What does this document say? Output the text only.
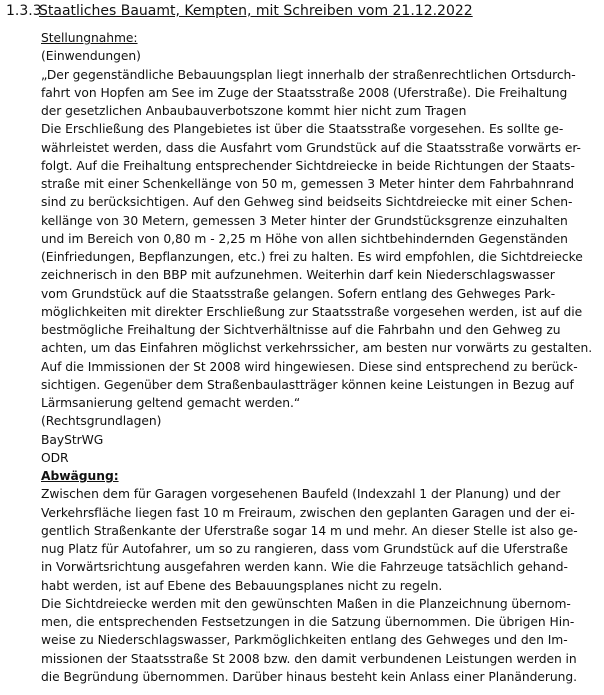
1.3.3Staatliches Bauamt, Kempten, mit Schreiben vom 21.12.2022
Stellungnahme:
(Einwendungen)
„Der gegenständliche Bebauungsplan liegt innerhalb der straßenrechtlichen Ortsdurch-
fahrt von Hopfen am See im Zuge der Staatsstraße 2008 (Uferstraße). Die Freihaltung
der gesetzlichen Anbaubauverbotszone kommt hier nicht zum Tragen
Die Erschließung des Plangebietes ist über die Staatsstraße vorgesehen. Es sollte ge-
währleistet werden, dass die Ausfahrt vom Grundstück auf die Staatsstraße vorwärts er-
folgt. Auf die Freihaltung entsprechender Sichtdreiecke in beide Richtungen der Staats-
straße mit einer Schenkellänge von 50 m, gemessen 3 Meter hinter dem Fahrbahnrand
sind zu berücksichtigen. Auf den Gehweg sind beidseits Sichtdreiecke mit einer Schen-
kellänge von 30 Metern, gemessen 3 Meter hinter der Grundstücksgrenze einzuhalten
und im Bereich von 0,80 m - 2,25 m Höhe von allen sichtbehindernden Gegenständen
(Einfriedungen, Bepflanzungen, etc.) frei zu halten. Es wird empfohlen, die Sichtdreiecke
zeichnerisch in den BBP mit aufzunehmen. Weiterhin darf kein Niederschlagswasser
vom Grundstück auf die Staatsstraße gelangen. Sofern entlang des Gehweges Park-
möglichkeiten mit direkter Erschließung zur Staatsstraße vorgesehen werden, ist auf die
bestmögliche Freihaltung der Sichtverhältnisse auf die Fahrbahn und den Gehweg zu
achten, um das Einfahren möglichst verkehrssicher, am besten nur vorwärts zu gestalten.
Auf die Immissionen der St 2008 wird hingewiesen. Diese sind entsprechend zu berück-
sichtigen. Gegenüber dem Straßenbaulastträger können keine Leistungen in Bezug auf
Lärmsanierung geltend gemacht werden.“
(Rechtsgrundlagen)
BayStrWG
ODR
Abwägung:
Zwischen dem für Garagen vorgesehenen Baufeld (Indexzahl 1 der Planung) und der
Verkehrsfläche liegen fast 10 m Freiraum, zwischen den geplanten Garagen und der ei-
gentlich Straßenkante der Uferstraße sogar 14 m und mehr. An dieser Stelle ist also ge-
nug Platz für Autofahrer, um so zu rangieren, dass vom Grundstück auf die Uferstraße
in Vorwärtsrichtung ausgefahren werden kann. Wie die Fahrzeuge tatsächlich gehand-
habt werden, ist auf Ebene des Bebauungsplanes nicht zu regeln.
Die Sichtdreiecke werden mit den gewünschten Maßen in die Planzeichnung übernom-
men, die entsprechenden Festsetzungen in die Satzung übernommen. Die übrigen Hin-
weise zu Niederschlagswasser, Parkmöglichkeiten entlang des Gehweges und den Im-
missionen der Staatsstraße St 2008 bzw. den damit verbundenen Leistungen werden in
die Begründung übernommen. Darüber hinaus besteht kein Anlass einer Planänderung.
